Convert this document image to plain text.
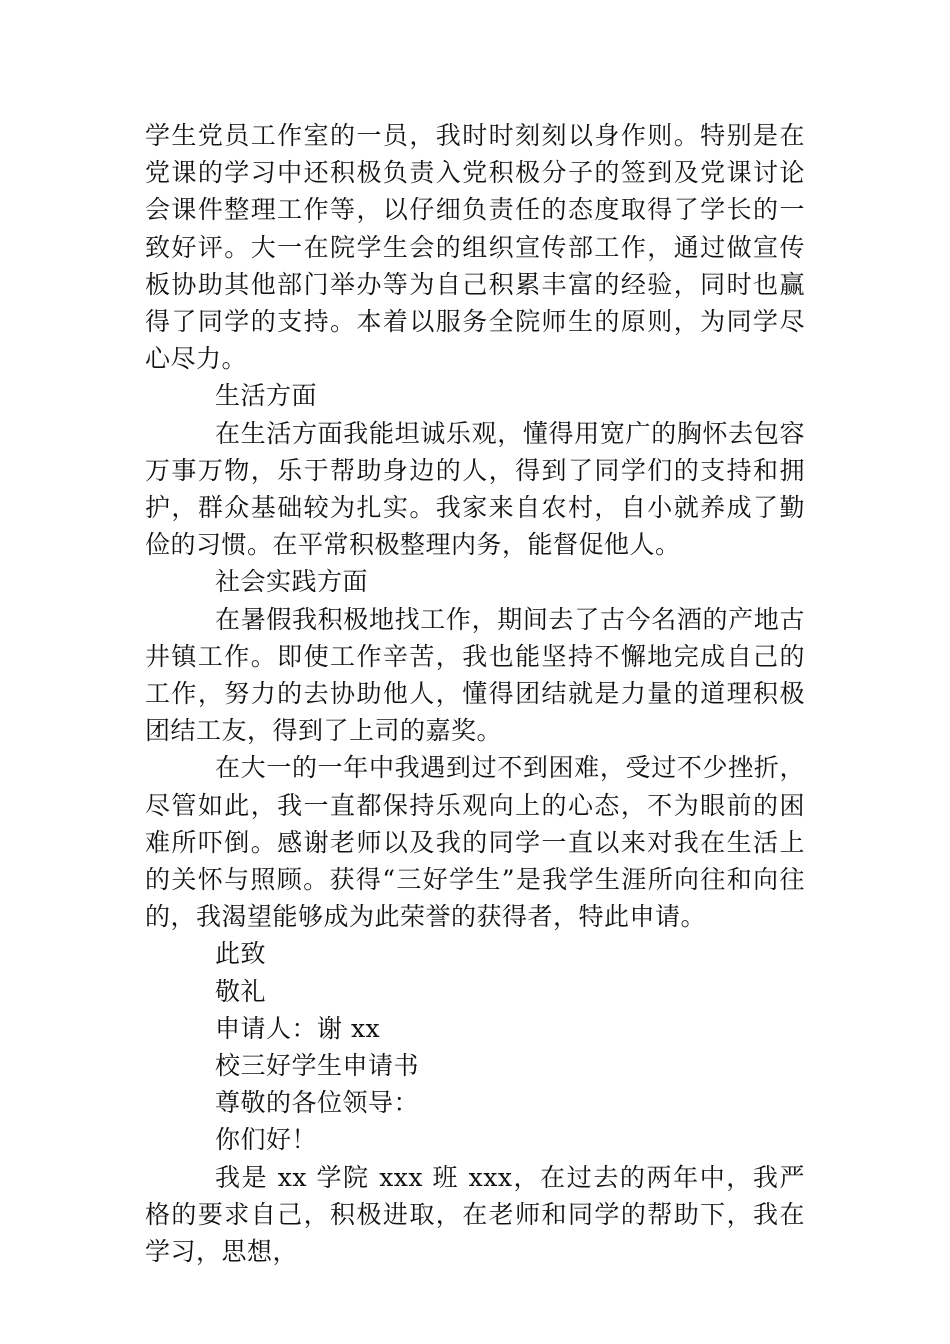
学生党员工作室的一员，我时时刻刻以身作则。特别是在党课的学习中还积极负责入党积极分子的签到及党课讨论会课件整理工作等，以仔细负责任的态度取得了学长的一致好评。大一在院学生会的组织宣传部工作，通过做宣传板协助其他部门举办等为自己积累丰富的经验，同时也赢得了同学的支持。本着以服务全院师生的原则，为同学尽心尽力。

生活方面

在生活方面我能坦诚乐观，懂得用宽广的胸怀去包容万事万物，乐于帮助身边的人，得到了同学们的支持和拥护，群众基础较为扎实。我家来自农村，自小就养成了勤俭的习惯。在平常积极整理内务，能督促他人。

社会实践方面

在暑假我积极地找工作，期间去了古今名酒的产地古井镇工作。即使工作辛苦，我也能坚持不懈地完成自己的工作，努力的去协助他人，懂得团结就是力量的道理积极团结工友，得到了上司的嘉奖。

在大一的一年中我遇到过不到困难，受过不少挫折，尽管如此，我一直都保持乐观向上的心态，不为眼前的困难所吓倒。感谢老师以及我的同学一直以来对我在生活上的关怀与照顾。获得“三好学生”是我学生涯所向往和向往的，我渴望能够成为此荣誉的获得者，特此申请。

此致

敬礼

申请人：谢 xx

校三好学生申请书

尊敬的各位领导：

你们好！

我是 xx 学院 xxx 班 xxx，在过去的两年中，我严格的要求自己，积极进取，在老师和同学的帮助下，我在学习，思想，
